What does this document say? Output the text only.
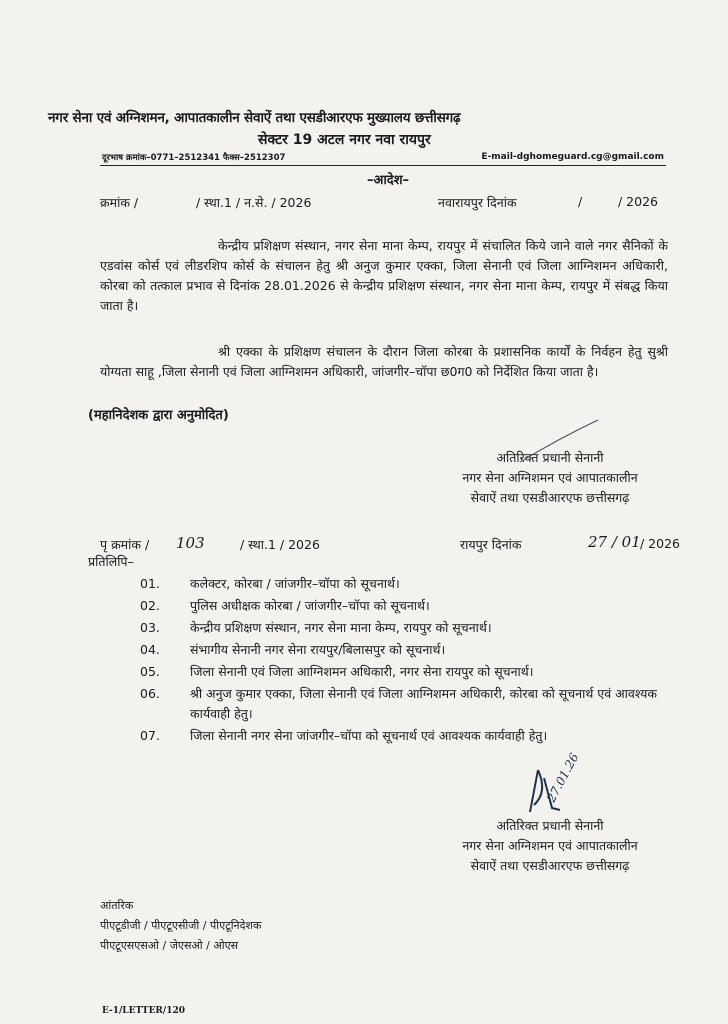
नगर सेना एवं अग्निशमन, आपातकालीन सेवाऐं तथा एसडीआरएफ मुख्यालय छत्तीसगढ़
सेक्टर 19 अटल नगर नवा रायपुर
दूरभाष क्रमांक–0771–2512341 फैक्स–2512307	E-mail-dghomeguard.cg@gmail.com
–आदेश–
क्रमांक /	/ स्था.1 / न.से. / 2026	नवारायपुर दिनांक	/	/ 2026
केन्द्रीय प्रशिक्षण संस्थान, नगर सेना माना केम्प, रायपुर में संचालित किये जाने वाले नगर सैनिकों के एडवांस कोर्स एवं लीडरशिप कोर्स के संचालन हेतु श्री अनुज कुमार एक्का, जिला सेनानी एवं जिला आग्निशमन अधिकारी, कोरबा को तत्काल प्रभाव से दिनांक 28.01.2026 से केन्द्रीय प्रशिक्षण संस्थान, नगर सेना माना केम्प, रायपुर में संबद्ध किया जाता है।
श्री एक्का के प्रशिक्षण संचालन के दौरान जिला कोरबा के प्रशासनिक कार्यों के निर्वहन हेतु सुश्री योग्यता साहू ,जिला सेनानी एवं जिला आग्निशमन अधिकारी, जांजगीर–चॉपा छ0ग0 को निर्देशित किया जाता है।
(महानिदेशक द्वारा अनुमोदित)
अतिरिक्त प्रधानी सेनानी
नगर सेना अग्निशमन एवं आपातकालीन
सेवाऐं तथा एसडीआरएफ छत्तीसगढ़
रायपुर दिनांक	27 / 01 / 2026
पृ क्रमांक / 103	/ स्था.1 / 2026
प्रतिलिपि–
01. कलेक्टर, कोरबा / जांजगीर–चॉपा को सूचनार्थ।
02. पुलिस अधीक्षक कोरबा / जांजगीर–चॉपा को सूचनार्थ।
03. केन्द्रीय प्रशिक्षण संस्थान, नगर सेना माना केम्प, रायपुर को सूचनार्थ।
04. संभागीय सेनानी नगर सेना रायपुर/बिलासपुर को सूचनार्थ।
05. जिला सेनानी एवं जिला आग्निशमन अधिकारी, नगर सेना रायपुर को सूचनार्थ।
06. श्री अनुज कुमार एक्का, जिला सेनानी एवं जिला आग्निशमन अधिकारी, कोरबा को सूचनार्थ एवं आवश्यक कार्यवाही हेतु।
07. जिला सेनानी नगर सेना जांजगीर–चॉपा को सूचनार्थ एवं आवश्यक कार्यवाही हेतु।
27.01.26
अतिरिक्त प्रधानी सेनानी
नगर सेना अग्निशमन एवं आपातकालीन
सेवाऐं तथा एसडीआरएफ छत्तीसगढ़
आंतरिक
पीएटूडीजी / पीएटूएसीजी / पीएटूनिदेशक
पीएटूएसएसओ / जेएसओ / ओएस
E-1/LETTER/120
